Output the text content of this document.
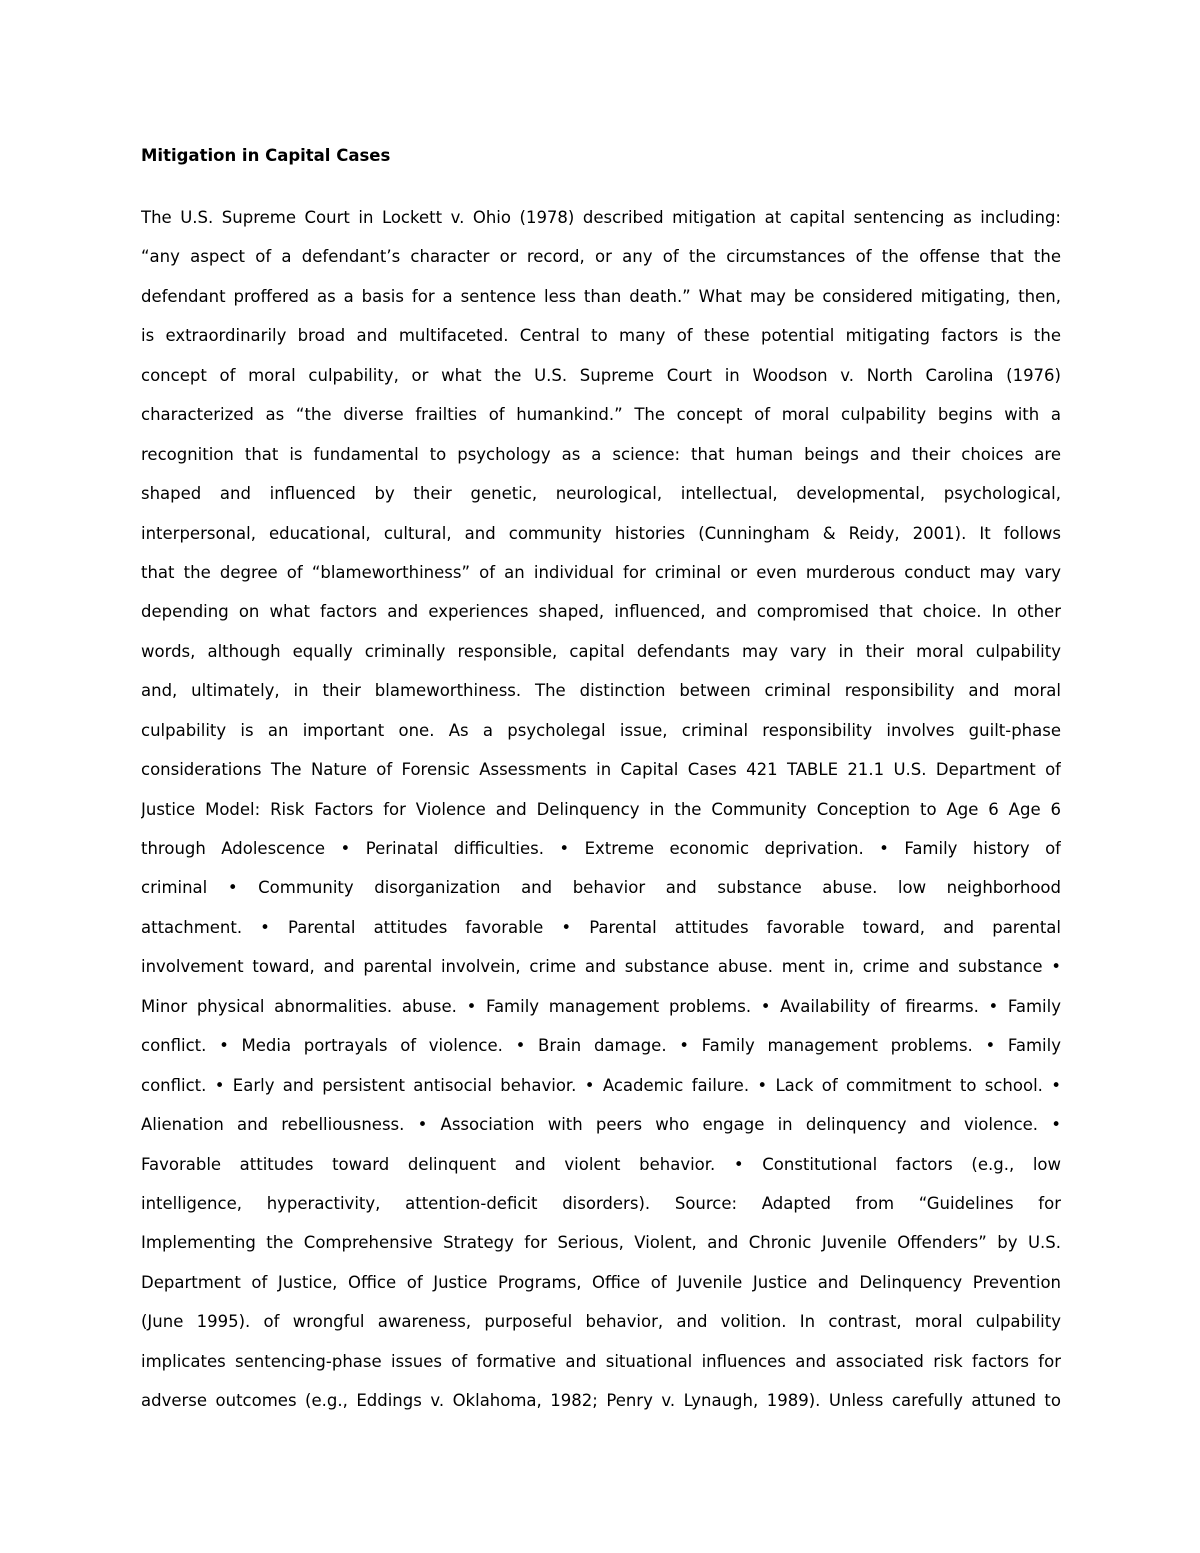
Mitigation in Capital Cases
The U.S. Supreme Court in Lockett v. Ohio (1978) described mitigation at capital sentencing as including:
“any aspect of a defendant’s character or record, or any of the circumstances of the offense that the
defendant proffered as a basis for a sentence less than death.” What may be considered mitigating, then,
is extraordinarily broad and multifaceted. Central to many of these potential mitigating factors is the
concept of moral culpability, or what the U.S. Supreme Court in Woodson v. North Carolina (1976)
characterized as “the diverse frailties of humankind.” The concept of moral culpability begins with a
recognition that is fundamental to psychology as a science: that human beings and their choices are
shaped and influenced by their genetic, neurological, intellectual, developmental, psychological,
interpersonal, educational, cultural, and community histories (Cunningham & Reidy, 2001). It follows
that the degree of “blameworthiness” of an individual for criminal or even murderous conduct may vary
depending on what factors and experiences shaped, influenced, and compromised that choice. In other
words, although equally criminally responsible, capital defendants may vary in their moral culpability
and, ultimately, in their blameworthiness. The distinction between criminal responsibility and moral
culpability is an important one. As a psycholegal issue, criminal responsibility involves guilt-phase
considerations The Nature of Forensic Assessments in Capital Cases 421 TABLE 21.1 U.S. Department of
Justice Model: Risk Factors for Violence and Delinquency in the Community Conception to Age 6 Age 6
through Adolescence • Perinatal difficulties. • Extreme economic deprivation. • Family history of
criminal • Community disorganization and behavior and substance abuse. low neighborhood
attachment. • Parental attitudes favorable • Parental attitudes favorable toward, and parental
involvement toward, and parental involvein, crime and substance abuse. ment in, crime and substance •
Minor physical abnormalities. abuse. • Family management problems. • Availability of firearms. • Family
conflict. • Media portrayals of violence. • Brain damage. • Family management problems. • Family
conflict. • Early and persistent antisocial behavior. • Academic failure. • Lack of commitment to school. •
Alienation and rebelliousness. • Association with peers who engage in delinquency and violence. •
Favorable attitudes toward delinquent and violent behavior. • Constitutional factors (e.g., low
intelligence, hyperactivity, attention-deficit disorders). Source: Adapted from “Guidelines for
Implementing the Comprehensive Strategy for Serious, Violent, and Chronic Juvenile Offenders” by U.S.
Department of Justice, Office of Justice Programs, Office of Juvenile Justice and Delinquency Prevention
(June 1995). of wrongful awareness, purposeful behavior, and volition. In contrast, moral culpability
implicates sentencing-phase issues of formative and situational influences and associated risk factors for
adverse outcomes (e.g., Eddings v. Oklahoma, 1982; Penry v. Lynaugh, 1989). Unless carefully attuned to
